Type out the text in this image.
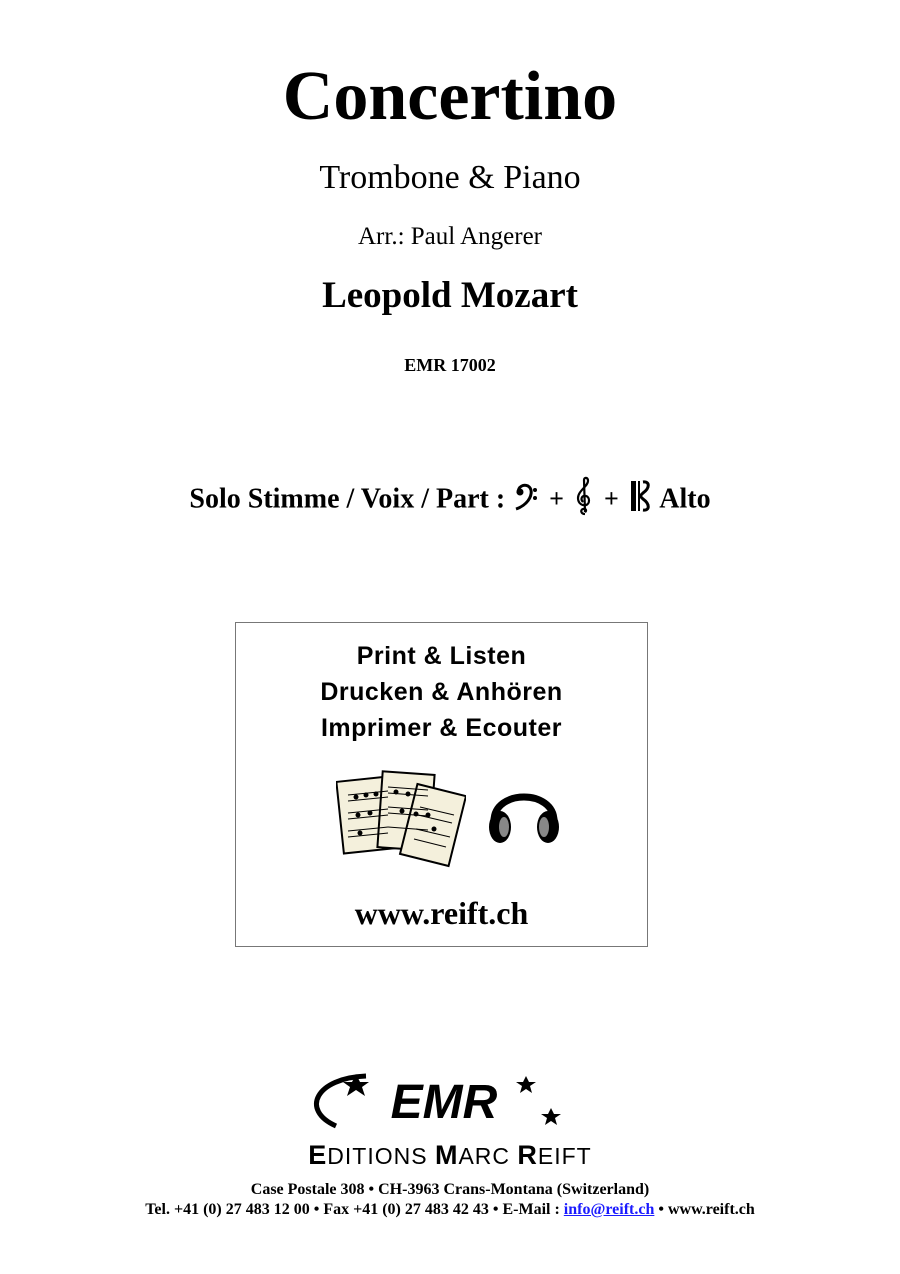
Concertino
Trombone & Piano
Arr.: Paul Angerer
Leopold Mozart
EMR 17002
Solo Stimme / Voix / Part : + + Alto
Print & Listen
Drucken & Anhören
Imprimer & Ecouter
www.reift.ch
EMR
EDITIONS MARC REIFT
Case Postale 308 • CH-3963 Crans-Montana (Switzerland)
Tel. +41 (0) 27 483 12 00 • Fax +41 (0) 27 483 42 43 • E-Mail : info@reift.ch • www.reift.ch
